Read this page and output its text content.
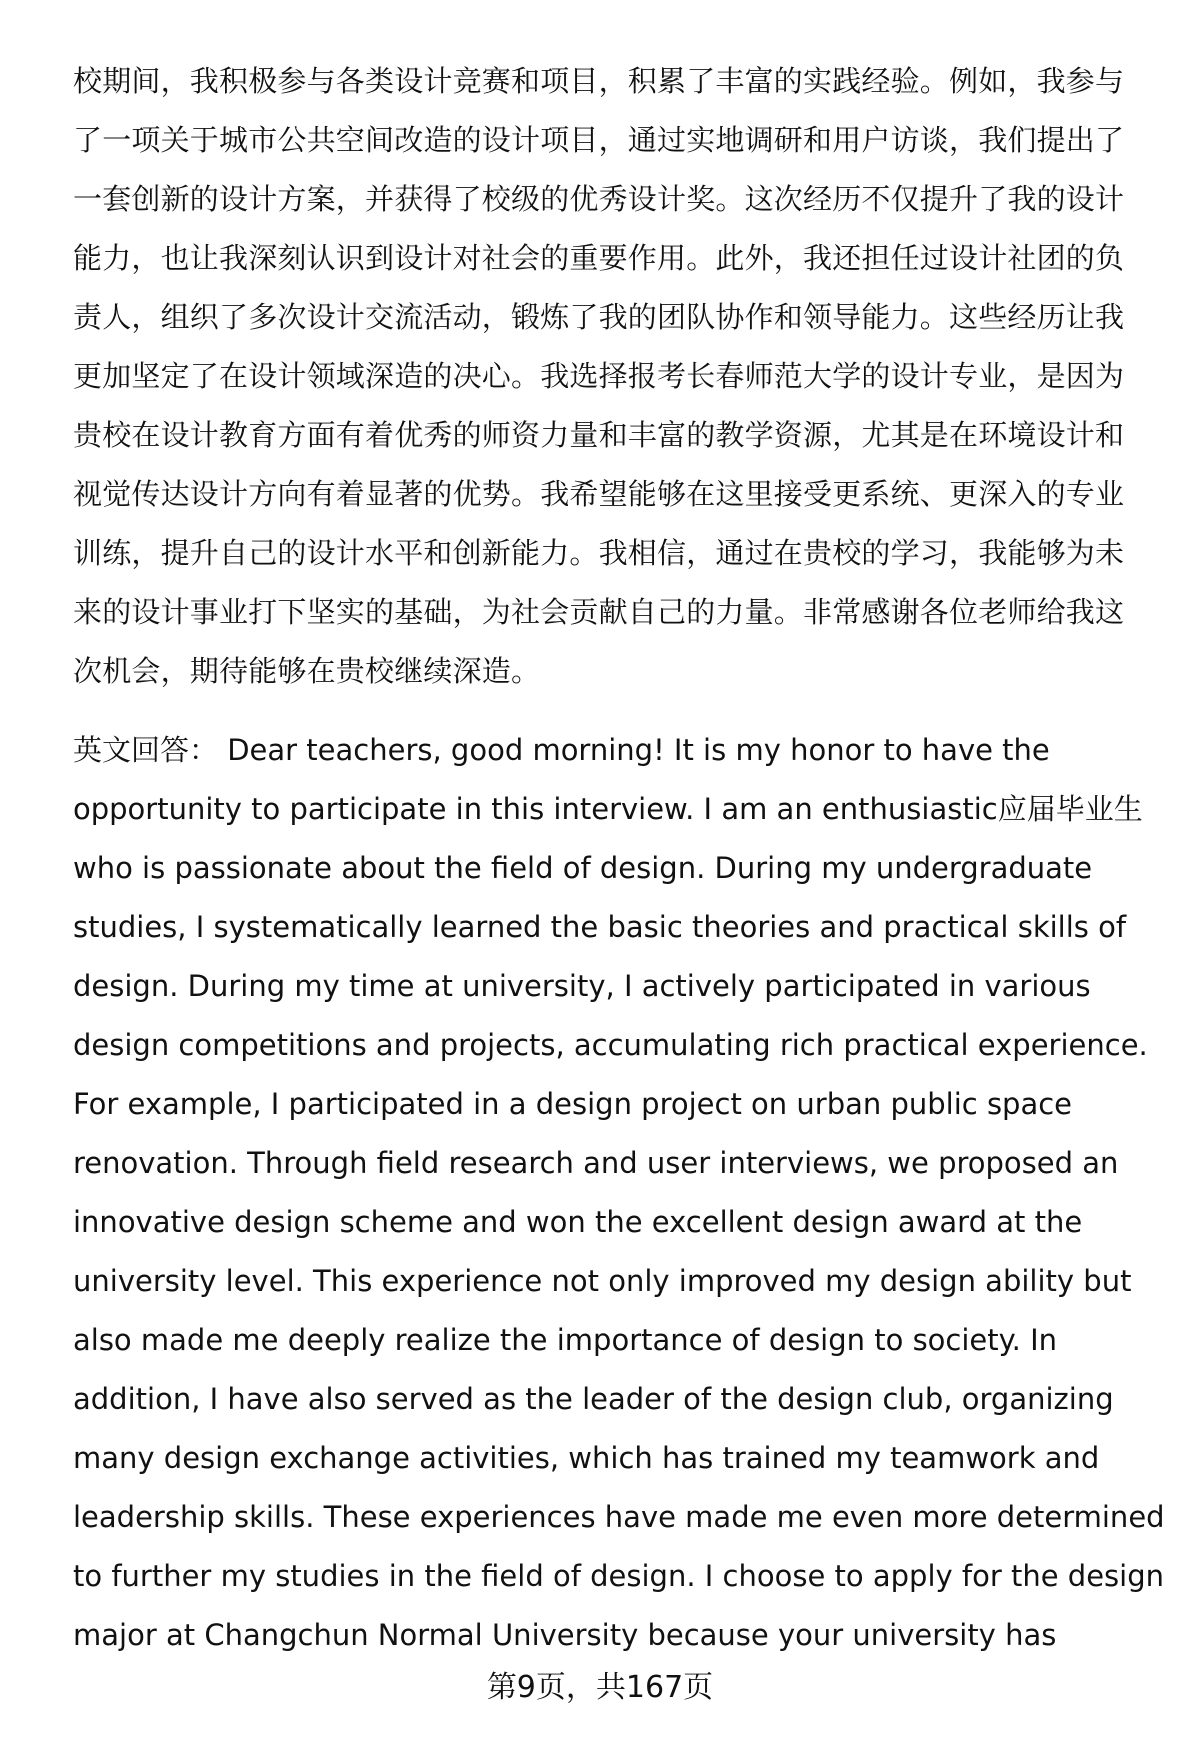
校期间，我积极参与各类设计竞赛和项目，积累了丰富的实践经验。例如，我参与
了一项关于城市公共空间改造的设计项目，通过实地调研和用户访谈，我们提出了
一套创新的设计方案，并获得了校级的优秀设计奖。这次经历不仅提升了我的设计
能力，也让我深刻认识到设计对社会的重要作用。此外，我还担任过设计社团的负
责人，组织了多次设计交流活动，锻炼了我的团队协作和领导能力。这些经历让我
更加坚定了在设计领域深造的决心。我选择报考长春师范大学的设计专业，是因为
贵校在设计教育方面有着优秀的师资力量和丰富的教学资源，尤其是在环境设计和
视觉传达设计方向有着显著的优势。我希望能够在这里接受更系统、更深入的专业
训练，提升自己的设计水平和创新能力。我相信，通过在贵校的学习，我能够为未
来的设计事业打下坚实的基础，为社会贡献自己的力量。非常感谢各位老师给我这
次机会，期待能够在贵校继续深造。
英文回答： Dear teachers, good morning! It is my honor to have the
opportunity to participate in this interview. I am an enthusiastic应届毕业生
who is passionate about the field of design. During my undergraduate
studies, I systematically learned the basic theories and practical skills of
design. During my time at university, I actively participated in various
design competitions and projects, accumulating rich practical experience.
For example, I participated in a design project on urban public space
renovation. Through field research and user interviews, we proposed an
innovative design scheme and won the excellent design award at the
university level. This experience not only improved my design ability but
also made me deeply realize the importance of design to society. In
addition, I have also served as the leader of the design club, organizing
many design exchange activities, which has trained my teamwork and
leadership skills. These experiences have made me even more determined
to further my studies in the field of design. I choose to apply for the design
major at Changchun Normal University because your university has
第9页，共167页
